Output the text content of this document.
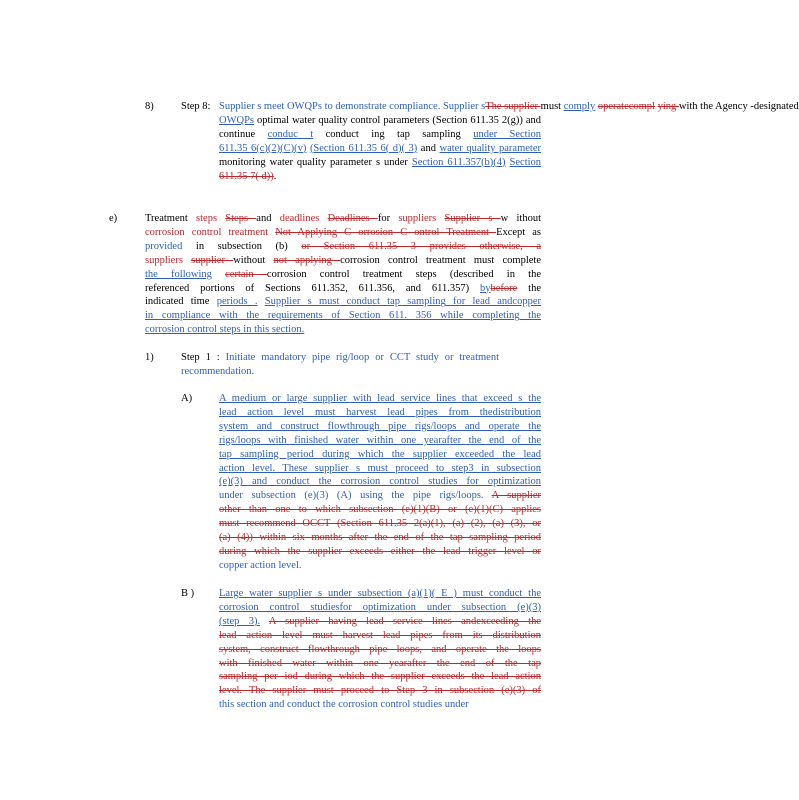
8)	Step 8: Supplier s meet OWQPs to demonstrate compliance. Supplier sThe supplier must comply operatecompl ying with the Agency -designated
OWQPs optimal water quality control parameters (Section 611.35 2(g)) and
continue conduc t conduct ing tap sampling under Section
611.35 6(c)(2)(C)(v) (Section 611.35 6( d)( 3) and water quality parameter
monitoring water quality parameter s under Section 611.357(b)(4) Section
611.35 7( d)).
e)	Treatment steps Steps and deadlines Deadlines for suppliers Supplier s w ithout
corrosion control treatment Not Applying C orrosion C ontrol Treatment Except as
provided in subsection (b) or Section 611.35 3 provides otherwise, a
suppliers supplier without not applying corrosion control treatment must complete
the following certain corrosion control treatment steps (described in the
referenced portions of Sections 611.352, 611.356, and 611.357) bybefore the
indicated time periods . Supplier s must conduct tap sampling for lead andcopper
in compliance with the requirements of Section 611. 356 while completing the
corrosion control steps in this section.
1)	Step 1 : Initiate mandatory pipe rig/loop or CCT study or treatment
recommendation.
A)	A medium or large supplier with lead service lines that exceed s the
lead action level must harvest lead pipes from thedistribution
system and construct flowthrough pipe rigs/loops and operate the
rigs/loops with finished water within one yearafter the end of the
tap sampling period during which the supplier exceeded the lead
action level. These supplier s must proceed to step3 in subsection
(e)(3) and conduct the corrosion control studies for optimization
under subsection (e)(3) (A) using the pipe rigs/loops. A supplier
other than one to which subsection (e)(1)(B) or (e)(1)(C) applies
must recommend OCCT (Section 611.35 2(a)(1), (a) (2), (a) (3), or
(a) (4)) within six months after the end of the tap sampling period
during which the supplier exceeds either the lead trigger level or
copper action level.
B ) Large water supplier s under subsection (a)(1)( E ) must conduct the
corrosion control studiesfor optimization under subsection (e)(3)
(step 3). A supplier having lead service lines andexceeding the
lead action level must harvest lead pipes from its distribution
system, construct flowthrough pipe loops, and operate the loops
with finished water within one yearafter the end of the tap
sampling per iod during which the supplier exceeds the lead action
level. The supplier must proceed to Step 3 in subsection (e)(3) of
this section and conduct the corrosion control studies under
